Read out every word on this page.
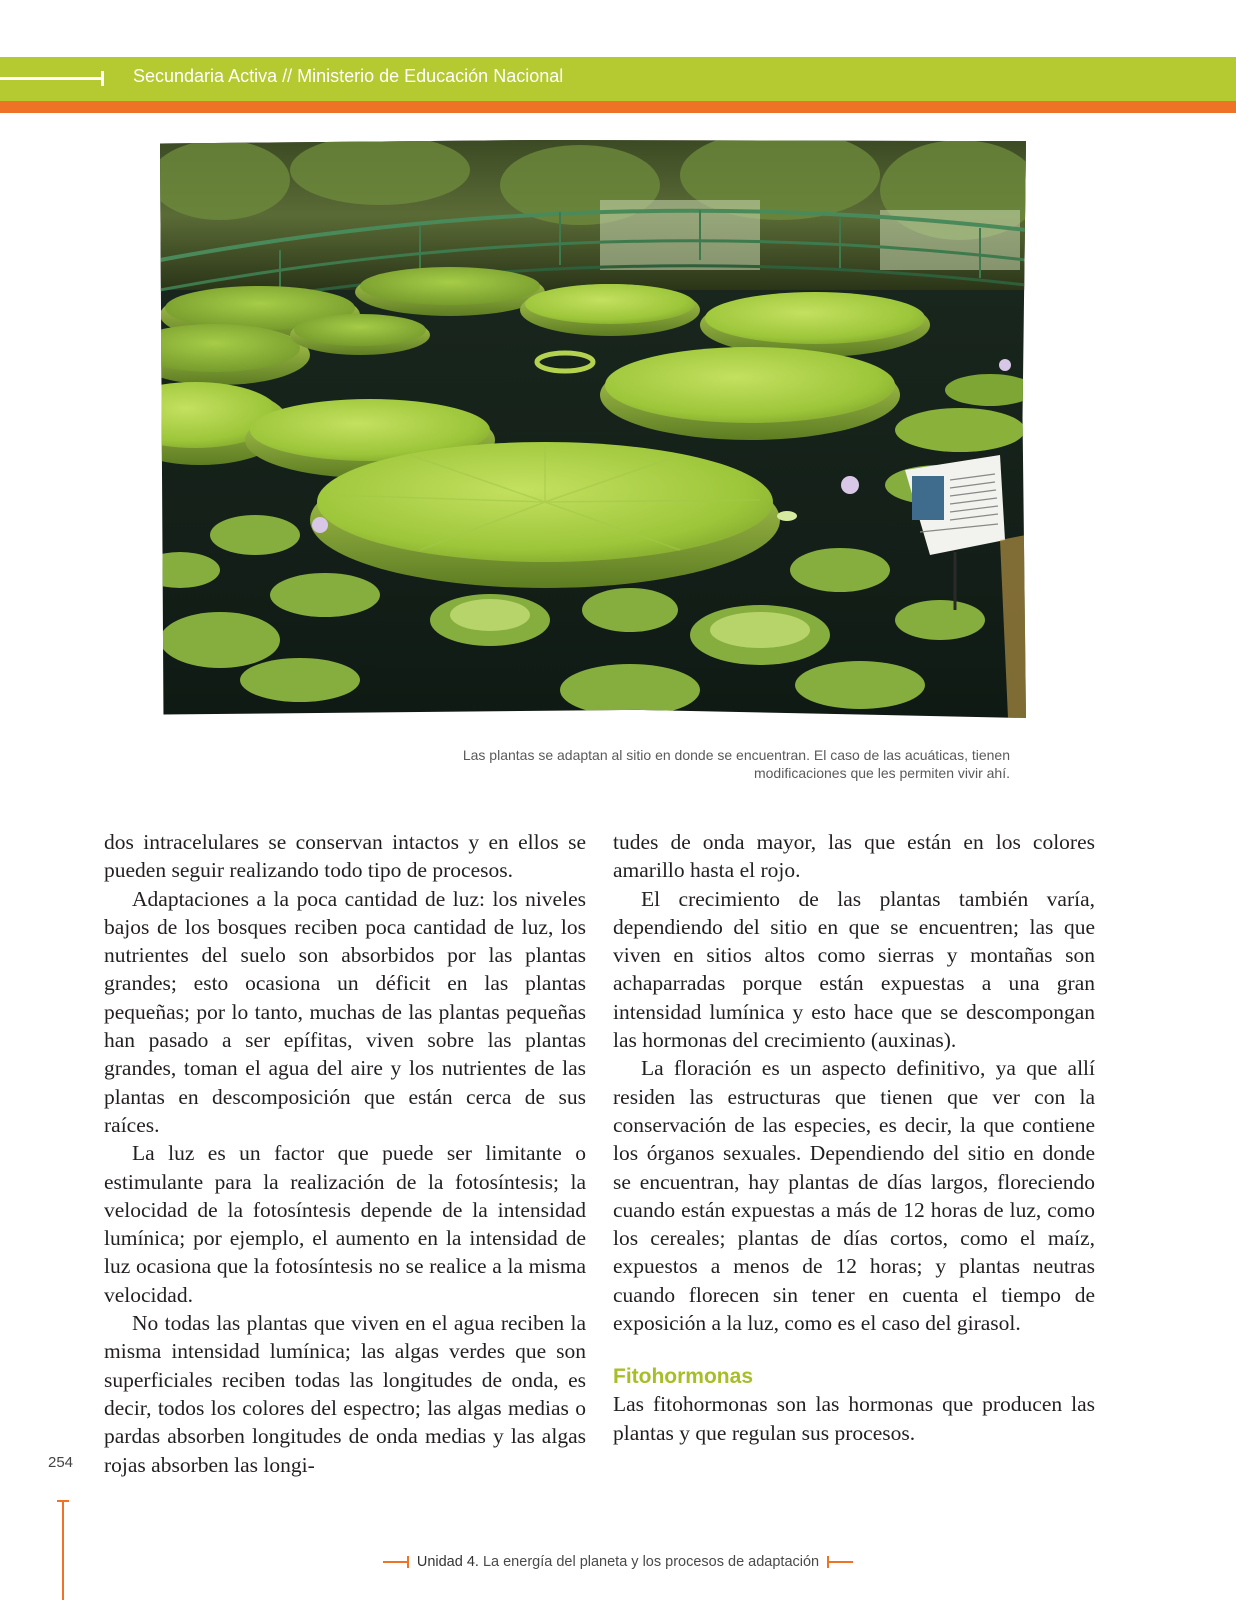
Secundaria Activa // Ministerio de Educación Nacional
Las plantas se adaptan al sitio en donde se encuentran. El caso de las acuáticas, tienen
modificaciones que les permiten vivir ahí.

dos intracelulares se conservan intactos y en ellos se pueden seguir realizando todo tipo de procesos.

Adaptaciones a la poca cantidad de luz: los niveles bajos de los bosques reciben poca cantidad de luz, los nutrientes del suelo son absorbidos por las plantas grandes; esto ocasiona un déficit en las plantas pequeñas; por lo tanto, muchas de las plantas pequeñas han pasado a ser epífitas, viven sobre las plantas grandes, toman el agua del aire y los nutrientes de las plantas en descomposición que están cerca de sus raíces.

La luz es un factor que puede ser limitante o estimulante para la realización de la fotosíntesis; la velocidad de la fotosíntesis depende de la intensidad lumínica; por ejemplo, el aumento en la intensidad de luz ocasiona que la fotosíntesis no se realice a la misma velocidad.

No todas las plantas que viven en el agua reciben la misma intensidad lumínica; las algas verdes que son superficiales reciben todas las longitudes de onda, es decir, todos los colores del espectro; las algas medias o pardas absorben longitudes de onda medias y las algas rojas absorben las longi-

tudes de onda mayor, las que están en los colores amarillo hasta el rojo.

El crecimiento de las plantas también varía, dependiendo del sitio en que se encuentren; las que viven en sitios altos como sierras y montañas son achaparradas porque están expuestas a una gran intensidad lumínica y esto hace que se descompongan las hormonas del crecimiento (auxinas).

La floración es un aspecto definitivo, ya que allí residen las estructuras que tienen que ver con la conservación de las especies, es decir, la que contiene los órganos sexuales. Dependiendo del sitio en donde se encuentran, hay plantas de días largos, floreciendo cuando están expuestas a más de 12 horas de luz, como los cereales; plantas de días cortos, como el maíz, expuestos a menos de 12 horas; y plantas neutras cuando florecen sin tener en cuenta el tiempo de exposición a la luz, como es el caso del girasol.

Fitohormonas

Las fitohormonas son las hormonas que producen las plantas y que regulan sus procesos.

254
Unidad 4. La energía del planeta y los procesos de adaptación
